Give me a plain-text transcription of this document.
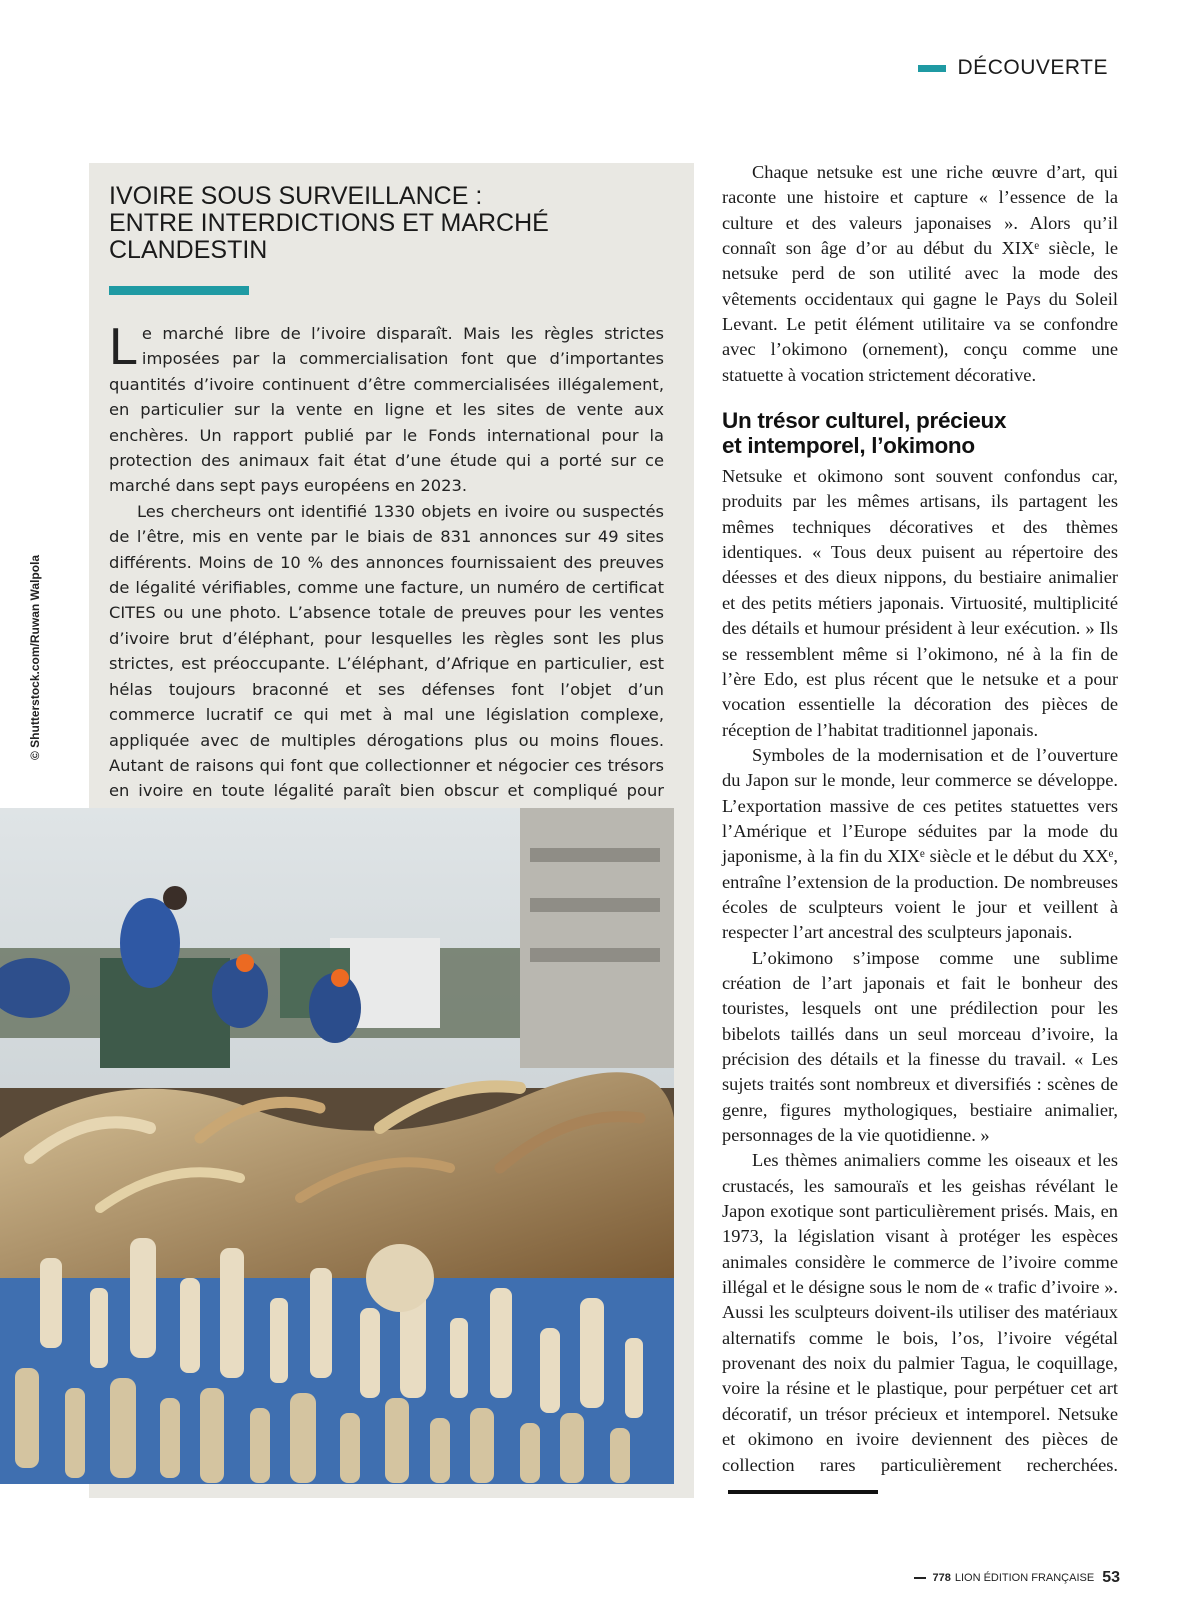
DÉCOUVERTE
© Shutterstock.com/Ruwan Walpola
IVOIRE SOUS SURVEILLANCE :
ENTRE INTERDICTIONS ET MARCHÉ
CLANDESTIN

Le marché libre de l’ivoire disparaît. Mais les règles strictes imposées par la commercialisation font que d’importantes quantités d’ivoire continuent d’être commercialisées illégalement, en particulier sur la vente en ligne et les sites de vente aux enchères. Un rapport publié par le Fonds international pour la protection des animaux fait état d’une étude qui a porté sur ce marché dans sept pays européens en 2023.

Les chercheurs ont identifié 1330 objets en ivoire ou suspectés de l’être, mis en vente par le biais de 831 annonces sur 49 sites différents. Moins de 10 % des annonces fournissaient des preuves de légalité vérifiables, comme une facture, un numéro de certificat CITES ou une photo. L’absence totale de preuves pour les ventes d’ivoire brut d’éléphant, pour lesquelles les règles sont les plus strictes, est préoccupante. L’éléphant, d’Afrique en particulier, est hélas toujours braconné et ses défenses font l’objet d’un commerce lucratif ce qui met à mal une législation complexe, appliquée avec de multiples dérogations plus ou moins floues. Autant de raisons qui font que collectionner et négocier ces trésors en ivoire en toute légalité paraît bien obscur et compliqué pour

Chaque netsuke est une riche œuvre d’art, qui raconte une histoire et capture « l’essence de la culture et des valeurs japonaises ». Alors qu’il connaît son âge d’or au début du XIXᵉ siècle, le netsuke perd de son utilité avec la mode des vêtements occidentaux qui gagne le Pays du Soleil Levant. Le petit élément utilitaire va se confondre avec l’okimono (ornement), conçu comme une statuette à vocation strictement décorative.

Un trésor culturel, précieux
et intemporel, l’okimono

Netsuke et okimono sont souvent confondus car, produits par les mêmes artisans, ils partagent les mêmes techniques décoratives et des thèmes identiques. « Tous deux puisent au répertoire des déesses et des dieux nippons, du bestiaire animalier et des petits métiers japonais. Virtuosité, multiplicité des détails et humour président à leur exécution. » Ils se ressemblent même si l’okimono, né à la fin de l’ère Edo, est plus récent que le netsuke et a pour vocation essentielle la décoration des pièces de réception de l’habitat traditionnel japonais.

Symboles de la modernisation et de l’ouverture du Japon sur le monde, leur commerce se développe. L’exportation massive de ces petites statuettes vers l’Amérique et l’Europe séduites par la mode du japonisme, à la fin du XIXᵉ siècle et le début du XXᵉ, entraîne l’extension de la production. De nombreuses écoles de sculpteurs voient le jour et veillent à respecter l’art ancestral des sculpteurs japonais.

L’okimono s’impose comme une sublime création de l’art japonais et fait le bonheur des touristes, lesquels ont une prédilection pour les bibelots taillés dans un seul morceau d’ivoire, la précision des détails et la finesse du travail. « Les sujets traités sont nombreux et diversifiés : scènes de genre, figures mythologiques, bestiaire animalier, personnages de la vie quotidienne. »

Les thèmes animaliers comme les oiseaux et les crustacés, les samouraïs et les geishas révélant le Japon exotique sont particulièrement prisés. Mais, en 1973, la législation visant à protéger les espèces animales considère le commerce de l’ivoire comme illégal et le désigne sous le nom de « trafic d’ivoire ». Aussi les sculpteurs doivent-ils utiliser des matériaux alternatifs comme le bois, l’os, l’ivoire végétal provenant des noix du palmier Tagua, le coquillage, voire la résine et le plastique, pour perpétuer cet art décoratif, un trésor précieux et intemporel. Netsuke et okimono en ivoire deviennent des pièces de collection rares particulièrement recherchées.

778 LION ÉDITION FRANÇAISE 53
